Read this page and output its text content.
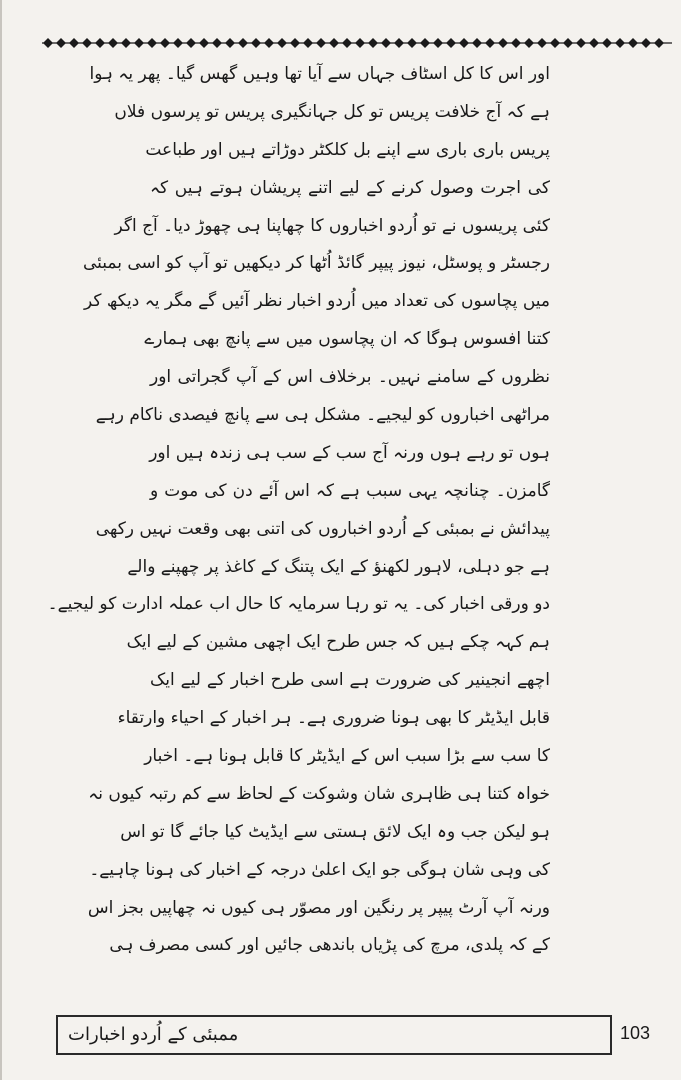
اور اس کا کل اسٹاف جہاں سے آیا تھا وہیں گھس گیا۔ پھر یہ ہوا
ہے کہ آج خلافت پریس تو کل جہانگیری پریس تو پرسوں فلاں
پریس باری باری سے اپنے بل کلکٹر دوڑاتے ہیں اور طباعت
کی اجرت وصول کرنے کے لیے اتنے پریشان ہوتے ہیں کہ
کئی پریسوں نے تو اُردو اخباروں کا چھاپنا ہی چھوڑ دیا۔ آج اگر
رجسٹر و پوسٹل، نیوز پیپر گائڈ اُٹھا کر دیکھیں تو آپ کو اسی بمبئی
میں پچاسوں کی تعداد میں اُردو اخبار نظر آئیں گے مگر یہ دیکھ کر
کتنا افسوس ہوگا کہ ان پچاسوں میں سے پانچ بھی ہمارے
نظروں کے سامنے نہیں۔ برخلاف اس کے آپ گجراتی اور
مراٹھی اخباروں کو لیجیے۔ مشکل ہی سے پانچ فیصدی ناکام رہے
ہوں تو رہے ہوں ورنہ آج سب کے سب ہی زندہ ہیں اور
گامزن۔ چنانچہ یہی سبب ہے کہ اس آئے دن کی موت و
پیدائش نے بمبئی کے اُردو اخباروں کی اتنی بھی وقعت نہیں رکھی
ہے جو دہلی، لاہور لکھنؤ کے ایک پتنگ کے کاغذ پر چھپنے والے
دو ورقی اخبار کی۔ یہ تو رہا سرمایہ کا حال اب عملہ ادارت کو لیجیے۔
ہم کہہ چکے ہیں کہ جس طرح ایک اچھی مشین کے لیے ایک
اچھے انجینیر کی ضرورت ہے اسی طرح اخبار کے لیے ایک
قابل ایڈیٹر کا بھی ہونا ضروری ہے۔ ہر اخبار کے احیاء وارتقاء
کا سب سے بڑا سبب اس کے ایڈیٹر کا قابل ہونا ہے۔ اخبار
خواہ کتنا ہی ظاہری شان وشوکت کے لحاظ سے کم رتبہ کیوں نہ
ہو لیکن جب وہ ایک لائق ہستی سے ایڈیٹ کیا جائے گا تو اس
کی وہی شان ہوگی جو ایک اعلیٰ درجہ کے اخبار کی ہونا چاہیے۔
ورنہ آپ آرٹ پیپر پر رنگین اور مصوّر ہی کیوں نہ چھاپیں بجز اس
کے کہ پلدی، مرچ کی پڑیاں باندھی جائیں اور کسی مصرف ہی
ممبئی کے اُردو اخبارات	103
